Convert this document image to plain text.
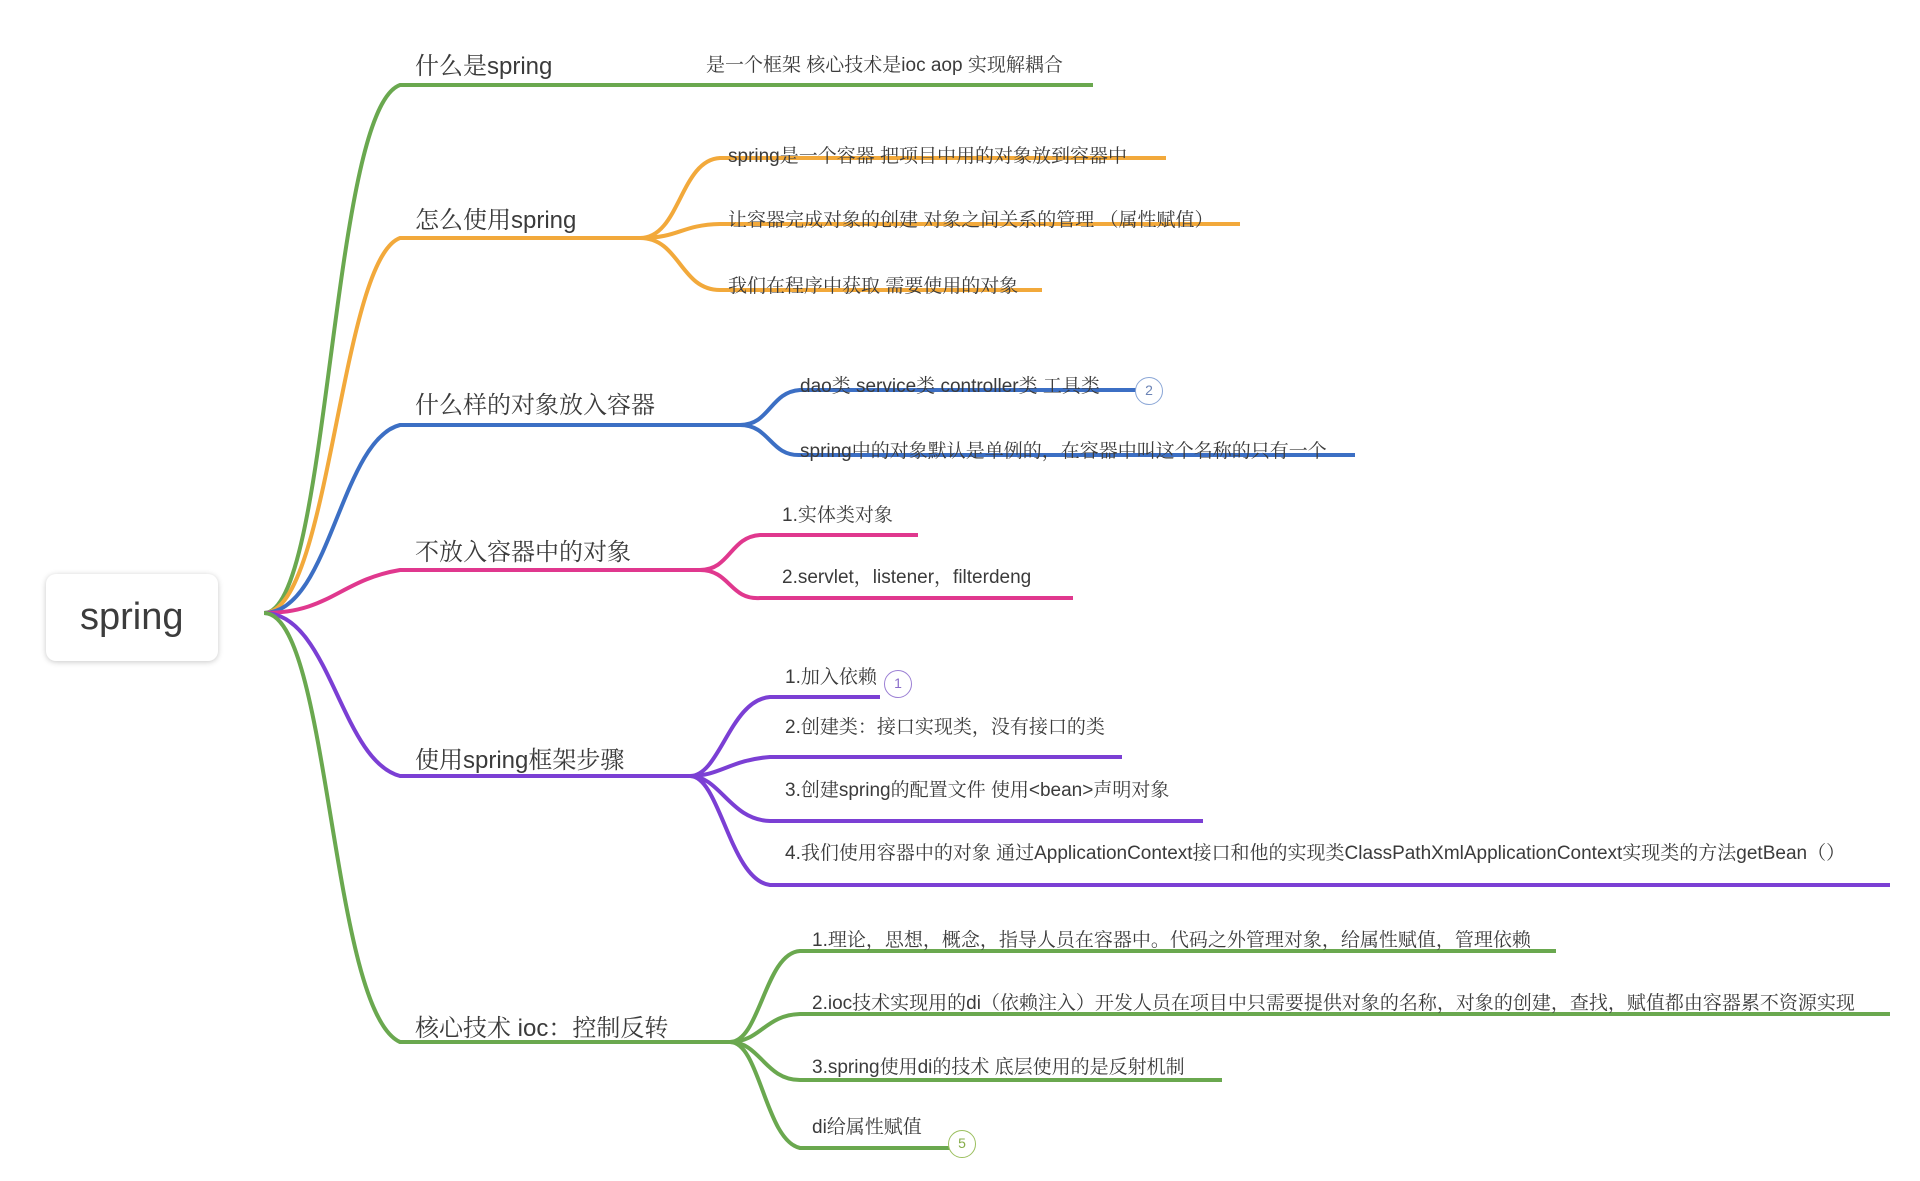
spring
什么是spring	是一个框架 核心技术是ioc aop 实现解耦合
怎么使用spring
spring是一个容器 把项目中用的对象放到容器中
让容器完成对象的创建 对象之间关系的管理 （属性赋值）
我们在程序中获取 需要使用的对象
什么样的对象放入容器
dao类 service类 controller类 工具类	2
spring中的对象默认是单例的，在容器中叫这个名称的只有一个
不放入容器中的对象
1.实体类对象
2.servlet，listener，filterdeng
使用spring框架步骤
1.加入依赖	1
2.创建类：接口实现类，没有接口的类
3.创建spring的配置文件 使用<bean>声明对象
4.我们使用容器中的对象 通过ApplicationContext接口和他的实现类ClassPathXmlApplicationContext实现类的方法getBean（）
核心技术 ioc：控制反转
1.理论，思想，概念，指导人员在容器中。代码之外管理对象，给属性赋值，管理依赖
2.ioc技术实现用的di（依赖注入）开发人员在项目中只需要提供对象的名称，对象的创建，查找，赋值都由容器累不资源实现
3.spring使用di的技术 底层使用的是反射机制
di给属性赋值
5
